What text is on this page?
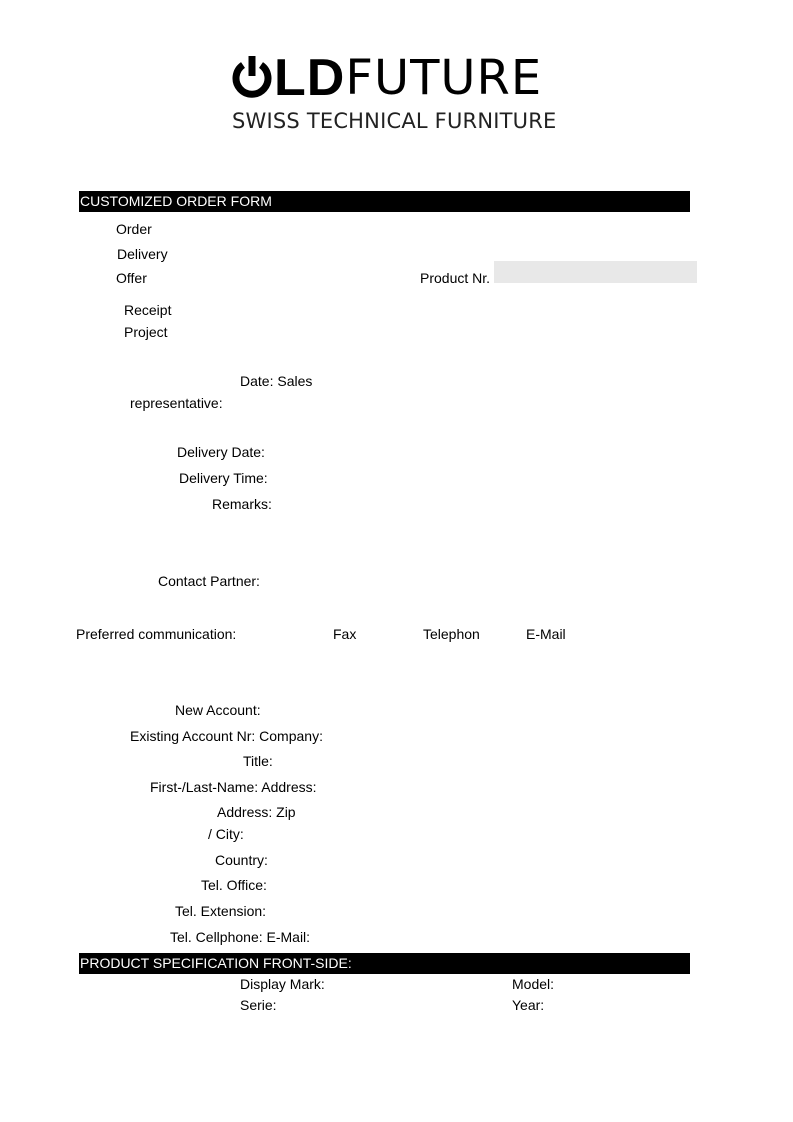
LD FUTURE
SWISS TECHNICAL FURNITURE
CUSTOMIZED ORDER FORM
Order
Delivery
Offer
Receipt
Project
Product Nr.
Date: Sales
representative:
Delivery Date:
Delivery Time:
Remarks:
Contact Partner:
Preferred communication:	Fax	Telephon	E-Mail
New Account:
Existing Account Nr: Company:
Title:
First-/Last-Name: Address:
Address: Zip
/ City:
Country:
Tel. Office:
Tel. Extension:
Tel. Cellphone: E-Mail:
PRODUCT SPECIFICATION FRONT-SIDE:
Display Mark:	Model:
Serie:	Year:
